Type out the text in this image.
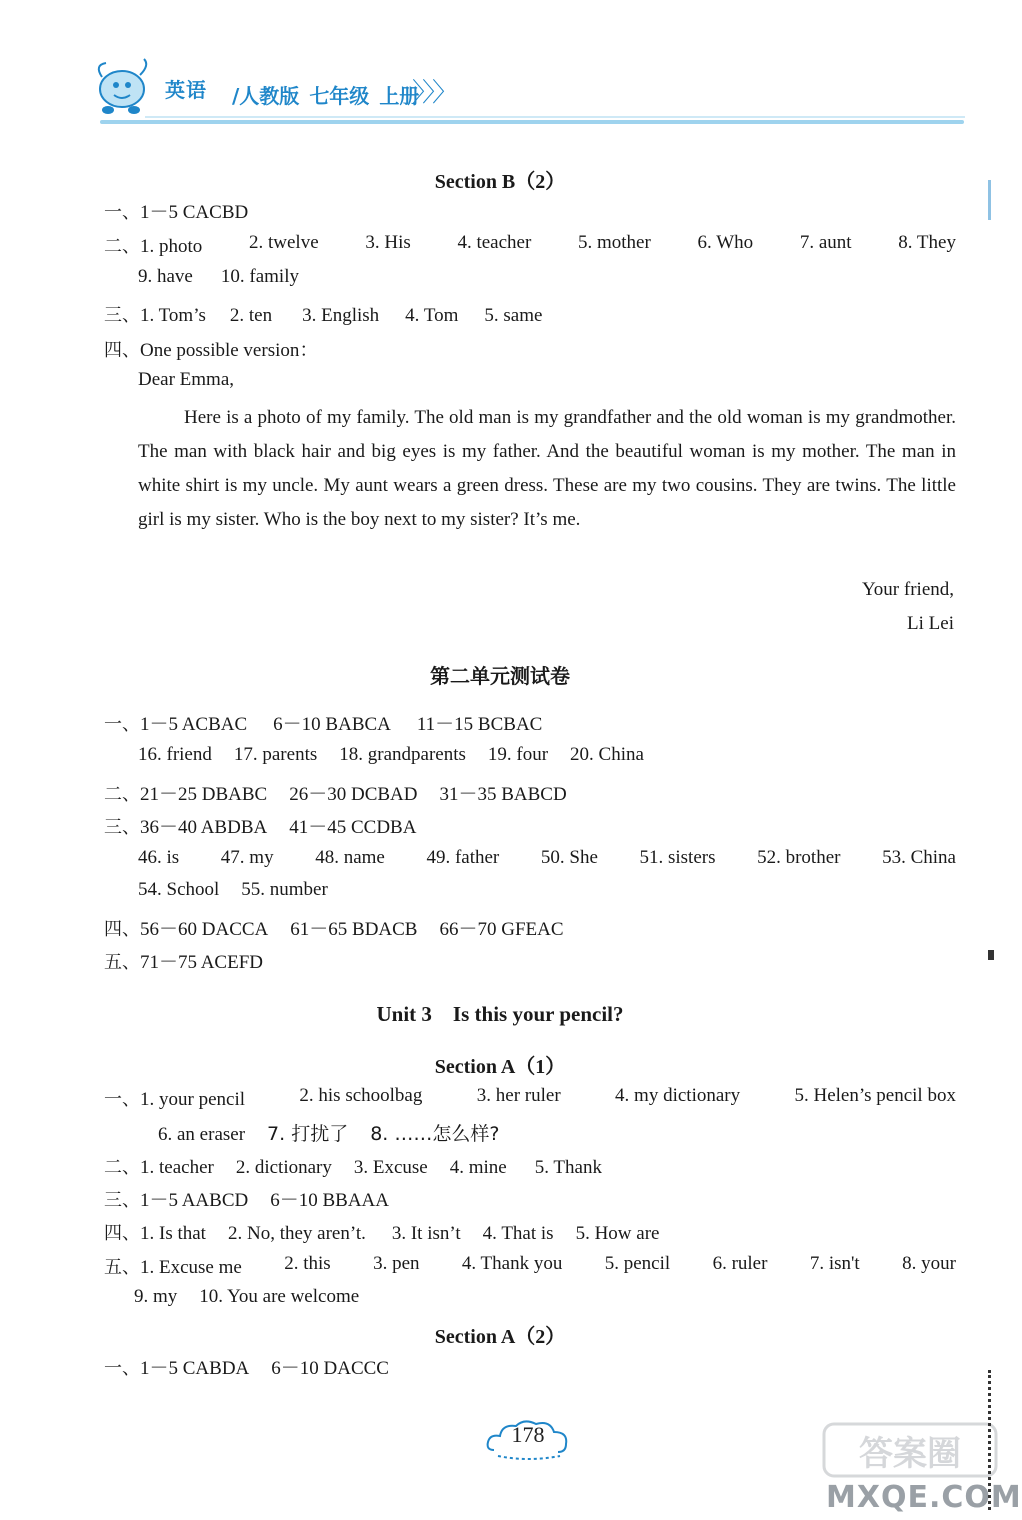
英语 /人教版 七年级 上册
〉〉〉
Section B（2）
一、1－5 CACBD
二、1. photo 2. twelve 3. His 4. teacher 5. mother 6. Who 7. aunt 8. They
9. have 10. family
三、1. Tom’s 2. ten 3. English 4. Tom 5. same
四、One possible version：
Dear Emma,
Here is a photo of my family. The old man is my grandfather and the old woman is my grandmother. The man with black hair and big eyes is my father. And the beautiful woman is my mother. The man in white shirt is my uncle. My aunt wears a green dress. These are my two cousins. They are twins. The little girl is my sister. Who is the boy next to my sister? It’s me.
Your friend,
Li Lei
第二单元测试卷
一、1－5 ACBAC 6－10 BABCA 11－15 BCBAC
16. friend 17. parents 18. grandparents 19. four 20. China
二、21－25 DBABC 26－30 DCBAD 31－35 BABCD
三、36－40 ABDBA 41－45 CCDBA
46. is 47. my 48. name 49. father 50. She 51. sisters 52. brother 53. China
54. School 55. number
四、56－60 DACCA 61－65 BDACB 66－70 GFEAC
五、71－75 ACEFD
Unit 3　Is this your pencil?
Section A（1）
一、1. your pencil	2. his schoolbag	3. her ruler	4. my dictionary	5. Helen’s pencil box
6. an eraser 7. 打扰了 8. ……怎么样?
二、1. teacher 2. dictionary 3. Excuse 4. mine 5. Thank
三、1－5 AABCD 6－10 BBAAA
四、1. Is that 2. No, they aren’t. 3. It isn’t 4. That is 5. How are
五、1. Excuse me 2. this 3. pen 4. Thank you 5. pencil 6. ruler 7. isn't 8. your
9. my 10. You are welcome
Section A（2）
一、1－5 CABDA 6－10 DACCC
178	答案圈
MXQE.COM
